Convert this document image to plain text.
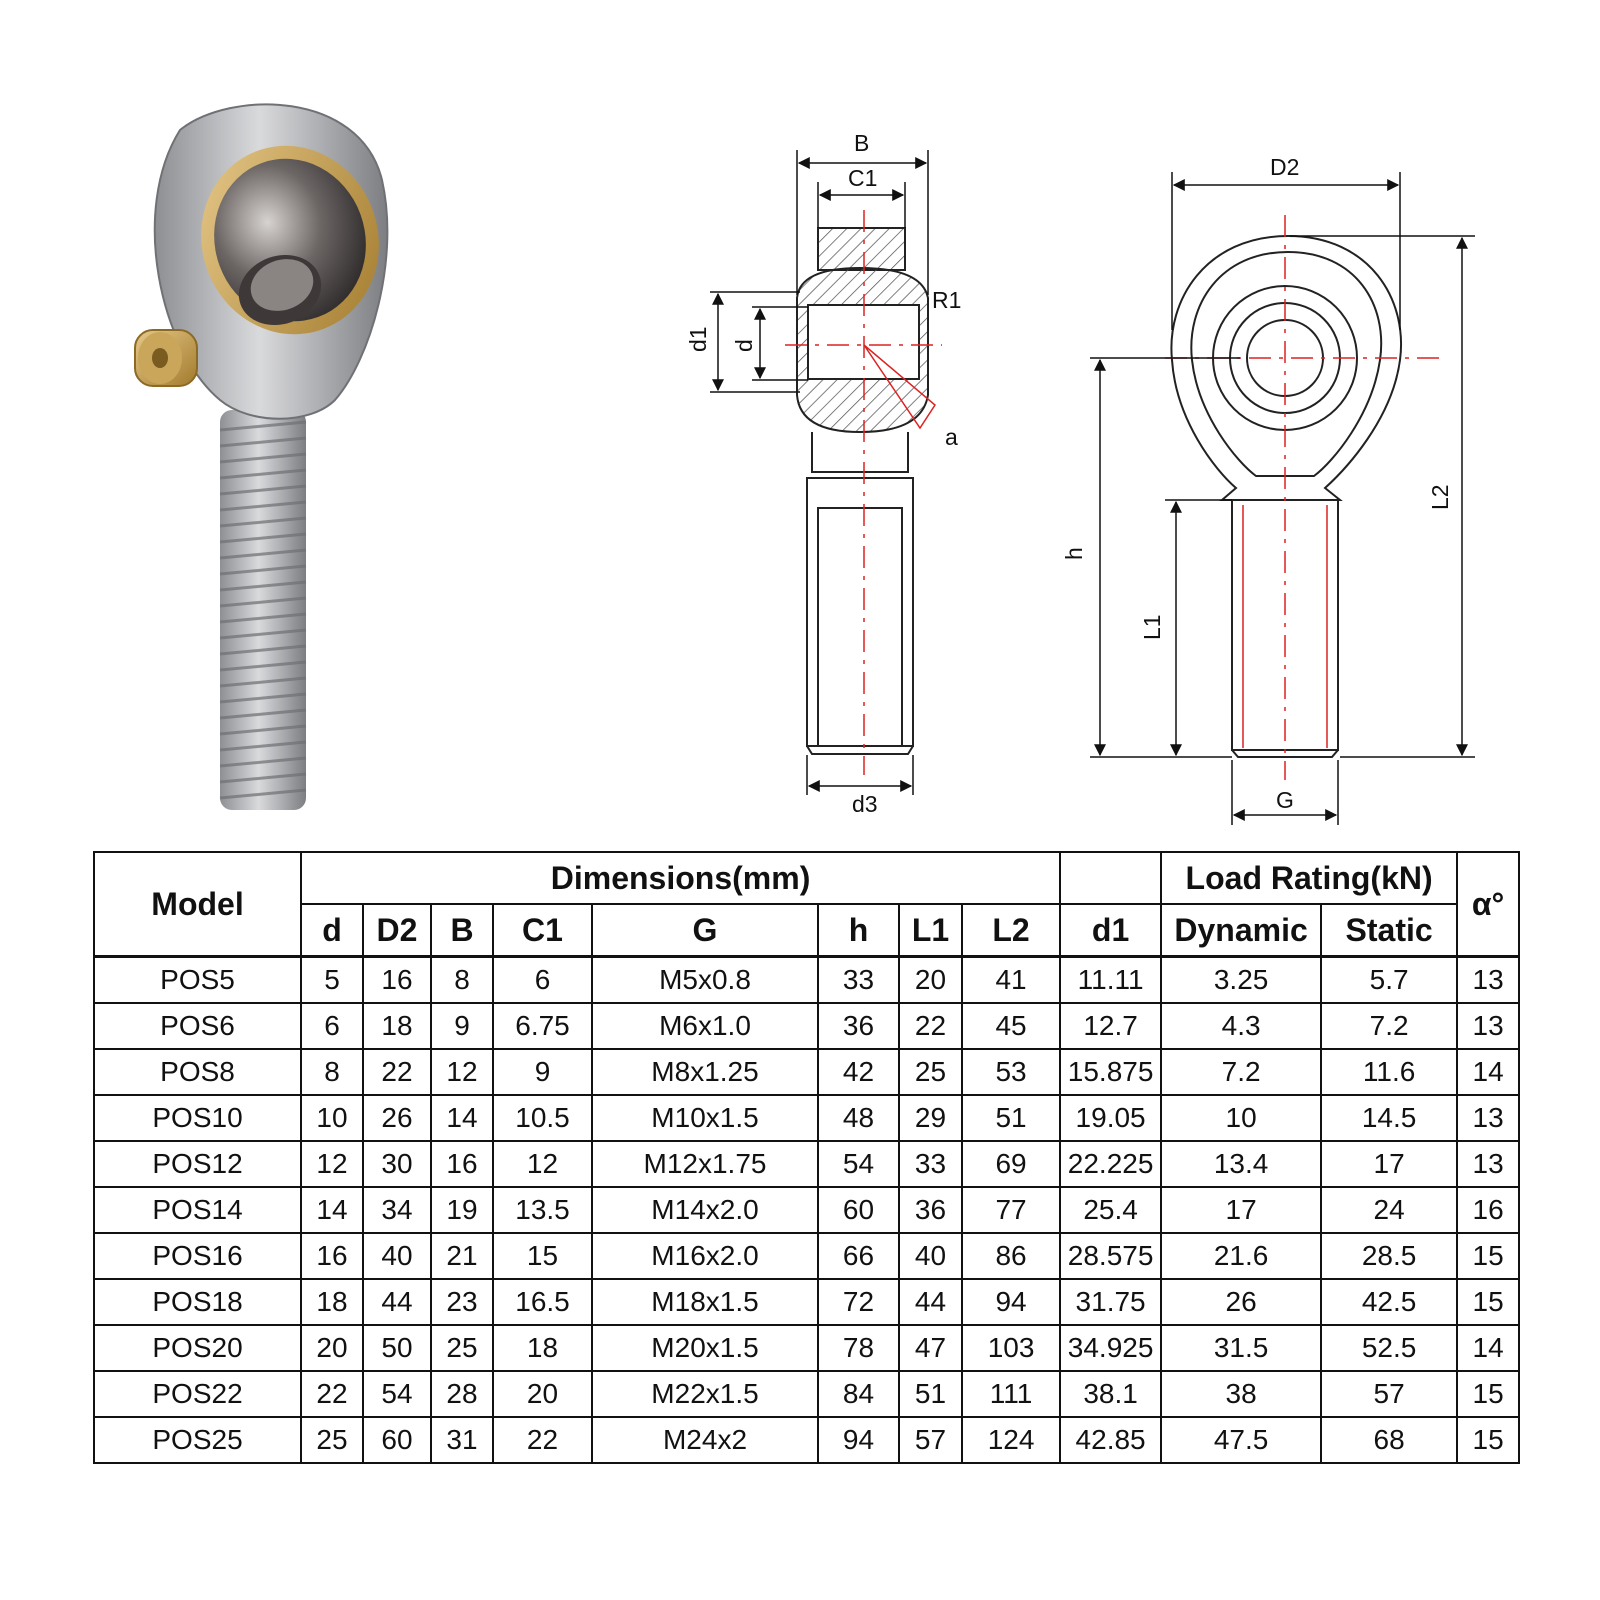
B
C1
R1
a
d3
d1 d
D2
G
h
L1
L2
Model	Dimensions(mm)									Load Rating(kN)		α°
	d	D2	B	C1	G	h	L1	L2	d1	Dynamic	Static	
POS5	5	16	8	6	M5x0.8	33	20	41	11.11	3.25	5.7	13
POS6	6	18	9	6.75	M6x1.0	36	22	45	12.7	4.3	7.2	13
POS8	8	22	12	9	M8x1.25	42	25	53	15.875	7.2	11.6	14
POS10	10	26	14	10.5	M10x1.5	48	29	51	19.05	10	14.5	13
POS12	12	30	16	12	M12x1.75	54	33	69	22.225	13.4	17	13
POS14	14	34	19	13.5	M14x2.0	60	36	77	25.4	17	24	16
POS16	16	40	21	15	M16x2.0	66	40	86	28.575	21.6	28.5	15
POS18	18	44	23	16.5	M18x1.5	72	44	94	31.75	26	42.5	15
POS20	20	50	25	18	M20x1.5	78	47	103	34.925	31.5	52.5	14
POS22	22	54	28	20	M22x1.5	84	51	111	38.1	38	57	15
POS25	25	60	31	22	M24x2	94	57	124	42.85	47.5	68	15
